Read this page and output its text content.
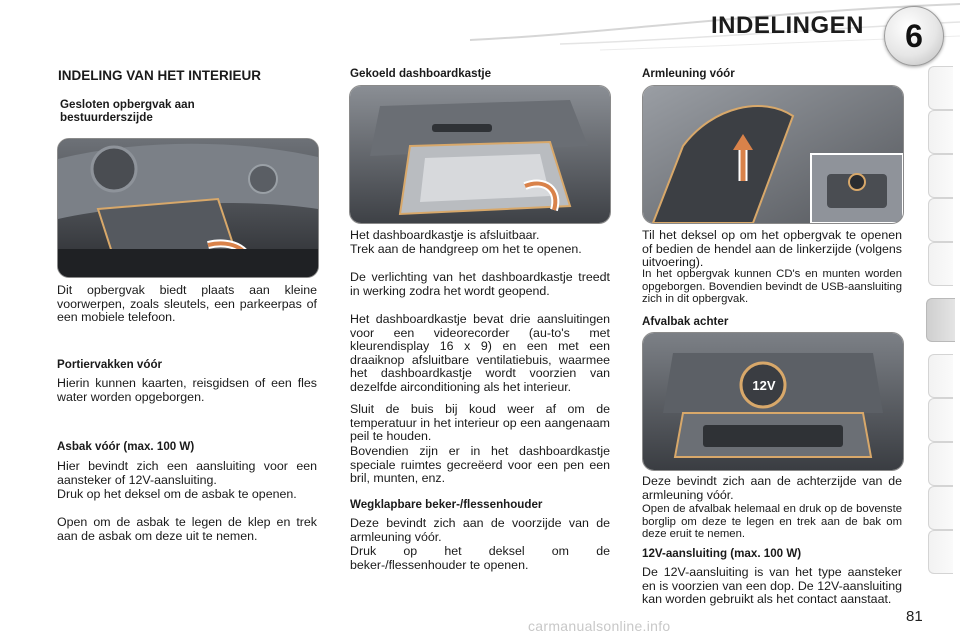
INDELINGEN	6
INDELING VAN HET INTERIEUR
Gesloten opbergvak aan bestuurderszijde
Dit opbergvak biedt plaats aan kleine voorwerpen, zoals sleutels, een parkeerpas of een mobiele telefoon.
Portiervakken vóór
Hierin kunnen kaarten, reisgidsen of een fles water worden opgeborgen.
Asbak vóór (max. 100 W)
Hier bevindt zich een aansluiting voor een aansteker of 12V-aansluiting.
Druk op het deksel om de asbak te openen.
Open om de asbak te legen de klep en trek aan de asbak om deze uit te nemen.
Gekoeld dashboardkastje
Het dashboardkastje is afsluitbaar.
Trek aan de handgreep om het te openen.
De verlichting van het dashboardkastje treedt in werking zodra het wordt geopend.
Het dashboardkastje bevat drie aansluitingen voor een videorecorder (au-to's met kleurendisplay 16 x 9) en een met een draaiknop afsluitbare ventilatiebuis, waarmee het dashboardkastje wordt voorzien van dezelfde airconditioning als het interieur.
Sluit de buis bij koud weer af om de temperatuur in het interieur op een aangenaam peil te houden.
Bovendien zijn er in het dashboardkastje speciale ruimtes gecreëerd voor een pen een bril, munten, enz.
Wegklapbare beker-/flessenhouder
Deze bevindt zich aan de voorzijde van de armleuning vóór.
Druk op het deksel om de beker-/flessenhouder te openen.
Armleuning vóór
Til het deksel op om het opbergvak te openen of bedien de hendel aan de linkerzijde (volgens uitvoering).
In het opbergvak kunnen CD's en munten worden opgeborgen. Bovendien bevindt de USB-aansluiting zich in dit opbergvak.
Afvalbak achter
12V
Deze bevindt zich aan de achterzijde van de armleuning vóór.
Open de afvalbak helemaal en druk op de bovenste borglip om deze te legen en trek aan de bak om deze eruit te nemen.
12V-aansluiting (max. 100 W)
De 12V-aansluiting is van het type aansteker en is voorzien van een dop. De 12V-aansluiting kan worden gebruikt als het contact aanstaat.
81
carmanualsonline.info
